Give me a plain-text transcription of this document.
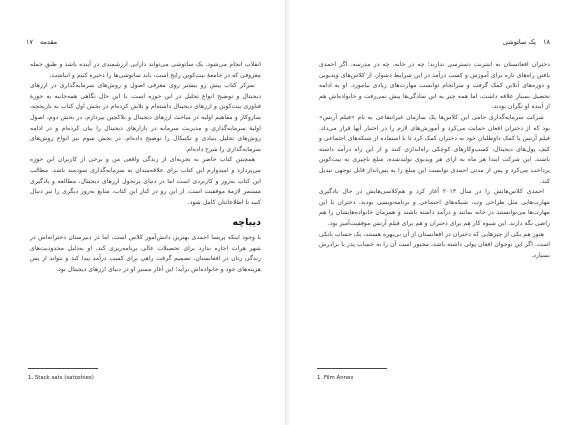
مقدمه
۱۷

انقلاب انجام می‌شود. یک ساتوشی می‌تواند دارایی ارزشمندی در آینده باشد و طبق جمله معروفی که در جامعهٔ بیت‌کوین رایج است، باید ساتوشی‌ها را ذخیره کنیم و انباشت.

تمرکز کتاب پیش رو بیشتر روی معرفی اصول و روش‌های سرمایه‌گذاری در ارزهای دیجیتال و توضیح انواع تحلیل در این حوزه است. با این حال نگاهی همه‌جانبه به حوزهٔ فناوری بیت‌کوین و ارزهای دیجیتال داشته‌ام و تلاش کرده‌ام در بخش اول کتاب به تاریخچه، سازوکار و مفاهیم اولیه در مباحث ارزهای دیجیتال و بلاکچین بپردازم. در بخش دوم، اصول اولیهٔ سرمایه‌گذاری و مدیریت سرمایه در بازارهای دیجیتال را بیان کرده‌ام و در ادامه روش‌های تحلیل بنیادی و تکنیکال را توضیح داده‌ام. در بخش سوم نیز انواع روش‌های سرمایه‌گذاری را شرح داده‌ام.

همچنین کتاب حاضر به تجربه‌ای از زندگی واقعی من و برخی از کاربران این حوزه می‌پردازد و امیدوارم این کتاب برای علاقه‌مندان به سرمایه‌گذاری سودمند باشد. مطالب این کتاب به‌روز و کاربردی است اما در دنیای پرتحول ارزهای دیجیتال، مطالعه و یادگیری مستمر لازمهٔ موفقیت است. از این رو در کنار این کتاب، منابع به‌روز دیگری را نیز دنبال کنید تا اطلاعاتتان کامل شود.

دیباچه

با وجود اینکه پریسا احمدی بهترین دانش‌آموز کلاس است، اما در دبیرستان دخترانه‌اش در شهر هرات اجازه ندارد برای تحصیلات عالی برنامه‌ریزی کند. او به‌دلیل محدودیت‌های زندگی زنان در افغانستان، تصمیم گرفت راهی برای کسب درآمد پیدا کند و بتواند از پس هزینه‌های خود و خانواده‌اش برآید؛ این آغاز مسیر او در دنیای ارزهای دیجیتال بود.

1. Stack sats (satoshies)
یک ساتوشی ۱۸

دختران افغانستان به اینترنت دسترسی ندارند؛ چه در خانه، چه در مدرسه. اگر احمدی یافتن راه‌های تازه برای آموزش و کسب درآمد در این شرایط دشوار، از کلاس‌های ویدیویی و دوره‌های آنلاین کمک گرفت و سرانجام توانست مهارت‌های زیادی بیاموزد. او به ادامه تحصیل بسیار علاقه داشت، اما همه چیز به این سادگی‌ها پیش نمی‌رفت و خانواده‌اش هم از آینده او نگران بودند.

شرکت سرمایه‌گذاری حامی این کلاس‌ها یک سازمان غیرانتفاعی به نام «فیلم آرتس» بود که از دختران افغان حمایت می‌کرد و آموزش‌های لازم را در اختیار آنها قرار می‌داد. فیلم آرتس با کمک داوطلبان خود به دختران کمک کرد تا با استفاده از شبکه‌های اجتماعی و کیف پول‌های دیجیتال، کسب‌وکارهای کوچکی راه‌اندازی کنند و از این راه درآمد داشته باشند. این شرکت ابتدا هر ماه به ازای هر ویدیوی تولیدشده، مبلغ ناچیزی به بیت‌کوین پرداخت می‌کرد و پس از مدتی احمدی توانست این مبلغ را به پس‌انداز قابل توجهی تبدیل کند.

احمدی کلاس‌هایش را در سال ۲۰۱۳ آغاز کرد و هم‌کلاسی‌هایش در حال یادگیری مهارت‌هایی مثل طراحی وب، شبکه‌های اجتماعی و برنامه‌نویسی بودند. دختران با این مهارت‌ها می‌توانستند در خانه بمانند و درآمد داشته باشند و همزمان خانواده‌هایشان را هم راضی نگه دارند. این شیوه کار هم برای دختران و هم برای فیلم آرتس موفقیت‌آمیز بود.

هنوز هم یکی از چیزهایی که دختران در افغانستان از آن بی‌بهره هستند، یک حساب بانکی است. اگر این نوجوان افغان پولی داشته باشد، مجبور است آن را به حساب پدر یا برادرش بسپارد.

1. Film Annex
